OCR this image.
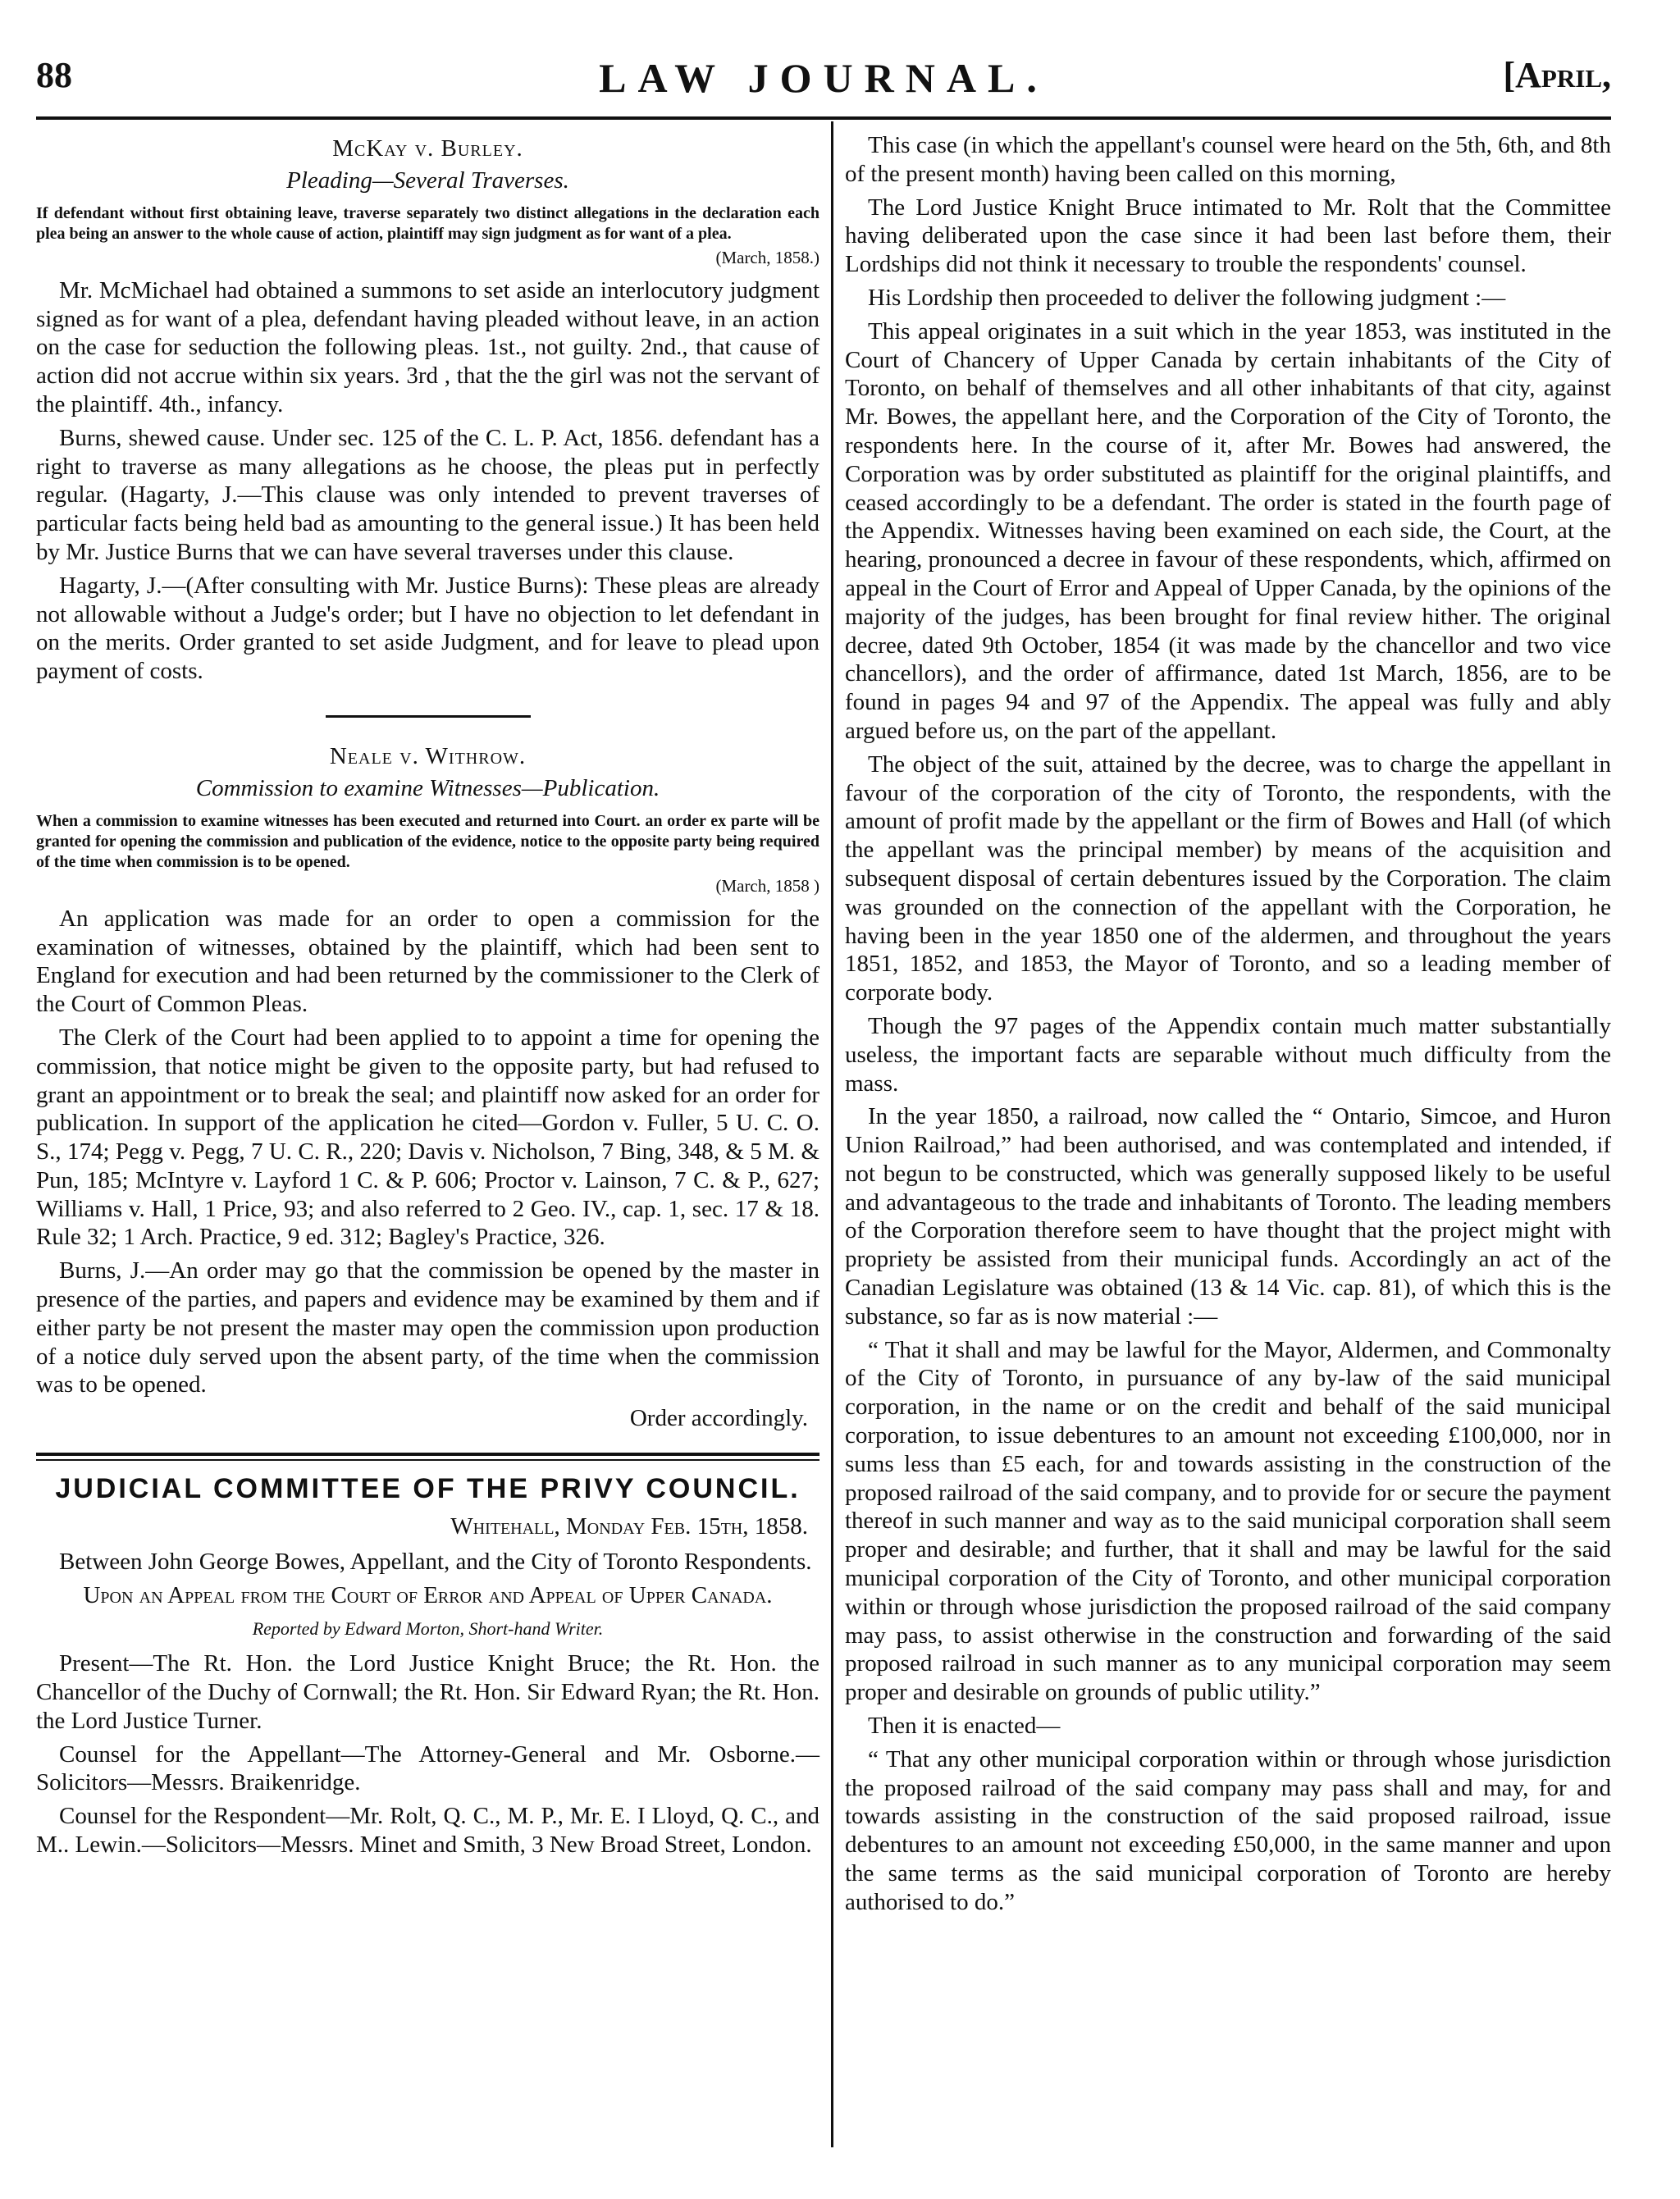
88	LAW JOURNAL.	[April,
McKay v. Burley.
Pleading—Several Traverses.

If defendant without first obtaining leave, traverse separately two distinct allegations in the declaration each plea being an answer to the whole cause of action, plaintiff may sign judgment as for want of a plea.

(March, 1858.)

Mr. McMichael had obtained a summons to set aside an interlocutory judgment signed as for want of a plea, defendant having pleaded without leave, in an action on the case for seduction the following pleas. 1st., not guilty. 2nd., that cause of action did not accrue within six years. 3rd , that the the girl was not the servant of the plaintiff. 4th., infancy.

Burns, shewed cause. Under sec. 125 of the C. L. P. Act, 1856. defendant has a right to traverse as many allegations as he choose, the pleas put in perfectly regular. (Hagarty, J.—This clause was only intended to prevent traverses of particular facts being held bad as amounting to the general issue.) It has been held by Mr. Justice Burns that we can have several traverses under this clause.

Hagarty, J.—(After consulting with Mr. Justice Burns): These pleas are already not allowable without a Judge's order; but I have no objection to let defendant in on the merits. Order granted to set aside Judgment, and for leave to plead upon payment of costs.

Neale v. Withrow.
Commission to examine Witnesses—Publication.

When a commission to examine witnesses has been executed and returned into Court. an order ex parte will be granted for opening the commission and publication of the evidence, notice to the opposite party being required of the time when commission is to be opened.

(March, 1858 )

An application was made for an order to open a commission for the examination of witnesses, obtained by the plaintiff, which had been sent to England for execution and had been returned by the commissioner to the Clerk of the Court of Common Pleas.

The Clerk of the Court had been applied to to appoint a time for opening the commission, that notice might be given to the opposite party, but had refused to grant an appointment or to break the seal; and plaintiff now asked for an order for publication. In support of the application he cited—Gordon v. Fuller, 5 U. C. O. S., 174; Pegg v. Pegg, 7 U. C. R., 220; Davis v. Nicholson, 7 Bing, 348, & 5 M. & Pun, 185; McIntyre v. Layford 1 C. & P. 606; Proctor v. Lainson, 7 C. & P., 627; Williams v. Hall, 1 Price, 93; and also referred to 2 Geo. IV., cap. 1, sec. 17 & 18. Rule 32; 1 Arch. Practice, 9 ed. 312; Bagley's Practice, 326.

Burns, J.—An order may go that the commission be opened by the master in presence of the parties, and papers and evidence may be examined by them and if either party be not present the master may open the commission upon production of a notice duly served upon the absent party, of the time when the commission was to be opened.

Order accordingly.

JUDICIAL COMMITTEE OF THE PRIVY COUNCIL.

Whitehall, Monday Feb. 15th, 1858.

Between John George Bowes, Appellant, and the City of Toronto Respondents.

Upon an Appeal from the Court of Error and Appeal of Upper Canada.

Reported by Edward Morton, Short-hand Writer.

Present—The Rt. Hon. the Lord Justice Knight Bruce; the Rt. Hon. the Chancellor of the Duchy of Cornwall; the Rt. Hon. Sir Edward Ryan; the Rt. Hon. the Lord Justice Turner.

Counsel for the Appellant—The Attorney-General and Mr. Osborne.—Solicitors—Messrs. Braikenridge.

Counsel for the Respondent—Mr. Rolt, Q. C., M. P., Mr. E. I Lloyd, Q. C., and M.. Lewin.—Solicitors—Messrs. Minet and Smith, 3 New Broad Street, London.

This case (in which the appellant's counsel were heard on the 5th, 6th, and 8th of the present month) having been called on this morning,

The Lord Justice Knight Bruce intimated to Mr. Rolt that the Committee having deliberated upon the case since it had been last before them, their Lordships did not think it necessary to trouble the respondents' counsel.

His Lordship then proceeded to deliver the following judgment :—

This appeal originates in a suit which in the year 1853, was instituted in the Court of Chancery of Upper Canada by certain inhabitants of the City of Toronto, on behalf of themselves and all other inhabitants of that city, against Mr. Bowes, the appellant here, and the Corporation of the City of Toronto, the respondents here. In the course of it, after Mr. Bowes had answered, the Corporation was by order substituted as plaintiff for the original plaintiffs, and ceased accordingly to be a defendant. The order is stated in the fourth page of the Appendix. Witnesses having been examined on each side, the Court, at the hearing, pronounced a decree in favour of these respondents, which, affirmed on appeal in the Court of Error and Appeal of Upper Canada, by the opinions of the majority of the judges, has been brought for final review hither. The original decree, dated 9th October, 1854 (it was made by the chancellor and two vice chancellors), and the order of affirmance, dated 1st March, 1856, are to be found in pages 94 and 97 of the Appendix. The appeal was fully and ably argued before us, on the part of the appellant.

The object of the suit, attained by the decree, was to charge the appellant in favour of the corporation of the city of Toronto, the respondents, with the amount of profit made by the appellant or the firm of Bowes and Hall (of which the appellant was the principal member) by means of the acquisition and subsequent disposal of certain debentures issued by the Corporation. The claim was grounded on the connection of the appellant with the Corporation, he having been in the year 1850 one of the aldermen, and throughout the years 1851, 1852, and 1853, the Mayor of Toronto, and so a leading member of corporate body.

Though the 97 pages of the Appendix contain much matter substantially useless, the important facts are separable without much difficulty from the mass.

In the year 1850, a railroad, now called the “ Ontario, Simcoe, and Huron Union Railroad,” had been authorised, and was contemplated and intended, if not begun to be constructed, which was generally supposed likely to be useful and advantageous to the trade and inhabitants of Toronto. The leading members of the Corporation therefore seem to have thought that the project might with propriety be assisted from their municipal funds. Accordingly an act of the Canadian Legislature was obtained (13 & 14 Vic. cap. 81), of which this is the substance, so far as is now material :—

“ That it shall and may be lawful for the Mayor, Aldermen, and Commonalty of the City of Toronto, in pursuance of any by-law of the said municipal corporation, in the name or on the credit and behalf of the said municipal corporation, to issue debentures to an amount not exceeding £100,000, nor in sums less than £5 each, for and towards assisting in the construction of the proposed railroad of the said company, and to provide for or secure the payment thereof in such manner and way as to the said municipal corporation shall seem proper and desirable; and further, that it shall and may be lawful for the said municipal corporation of the City of Toronto, and other municipal corporation within or through whose jurisdiction the proposed railroad of the said company may pass, to assist otherwise in the construction and forwarding of the said proposed railroad in such manner as to any municipal corporation may seem proper and desirable on grounds of public utility.”

Then it is enacted—

“ That any other municipal corporation within or through whose jurisdiction the proposed railroad of the said company may pass shall and may, for and towards assisting in the construction of the said proposed railroad, issue debentures to an amount not exceeding £50,000, in the same manner and upon the same terms as the said municipal corporation of Toronto are hereby authorised to do.”
